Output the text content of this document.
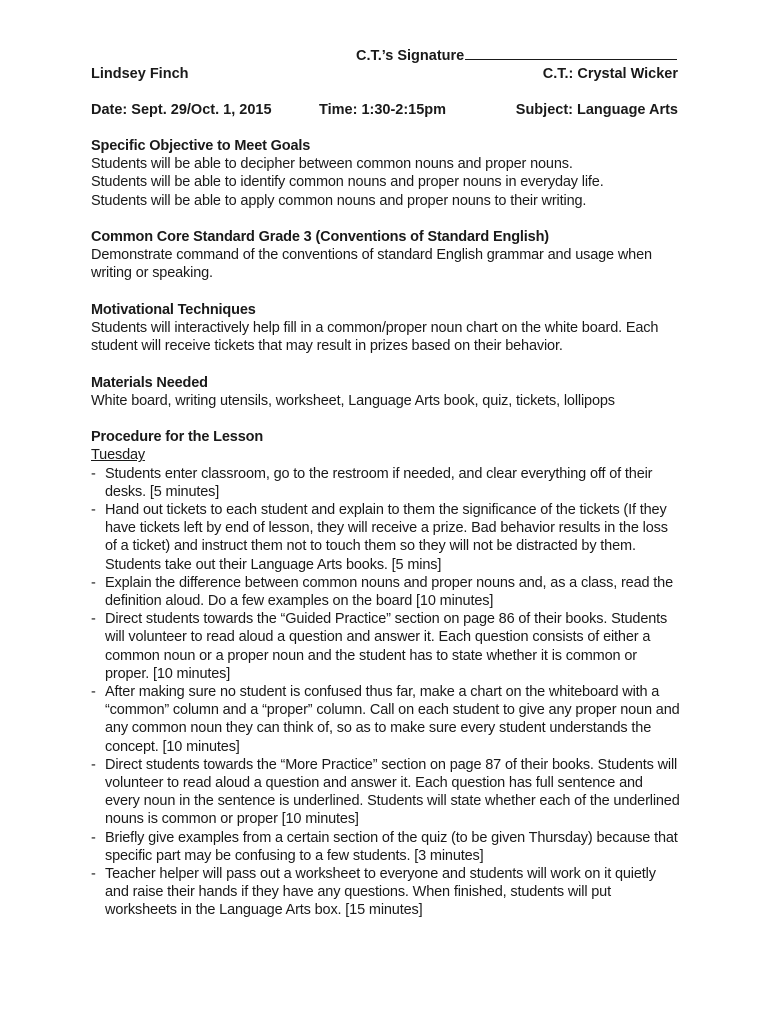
C.T.’s Signature
Lindsey Finch	C.T.: Crystal Wicker
Date: Sept. 29/Oct. 1, 2015	Time: 1:30-2:15pm	Subject: Language Arts
Specific Objective to Meet Goals

Students will be able to decipher between common nouns and proper nouns.

Students will be able to identify common nouns and proper nouns in everyday life.

Students will be able to apply common nouns and proper nouns to their writing.

Common Core Standard Grade 3 (Conventions of Standard English)

Demonstrate command of the conventions of standard English grammar and usage when writing or speaking.

Motivational Techniques

Students will interactively help fill in a common/proper noun chart on the white board. Each student will receive tickets that may result in prizes based on their behavior.

Materials Needed

White board, writing utensils, worksheet, Language Arts book, quiz, tickets, lollipops

Procedure for the Lesson

Tuesday

- Students enter classroom, go to the restroom if needed, and clear everything off of their desks. [5 minutes]
- Hand out tickets to each student and explain to them the significance of the tickets (If they have tickets left by end of lesson, they will receive a prize. Bad behavior results in the loss of a ticket) and instruct them not to touch them so they will not be distracted by them. Students take out their Language Arts books. [5 mins]
- Explain the difference between common nouns and proper nouns and, as a class, read the definition aloud. Do a few examples on the board [10 minutes]
- Direct students towards the “Guided Practice” section on page 86 of their books. Students will volunteer to read aloud a question and answer it. Each question consists of either a common noun or a proper noun and the student has to state whether it is common or proper. [10 minutes]
- After making sure no student is confused thus far, make a chart on the whiteboard with a “common” column and a “proper” column. Call on each student to give any proper noun and any common noun they can think of, so as to make sure every student understands the concept. [10 minutes]
- Direct students towards the “More Practice” section on page 87 of their books. Students will volunteer to read aloud a question and answer it. Each question has full sentence and every noun in the sentence is underlined. Students will state whether each of the underlined nouns is common or proper [10 minutes]
- Briefly give examples from a certain section of the quiz (to be given Thursday) because that specific part may be confusing to a few students. [3 minutes]
- Teacher helper will pass out a worksheet to everyone and students will work on it quietly and raise their hands if they have any questions. When finished, students will put worksheets in the Language Arts box. [15 minutes]
